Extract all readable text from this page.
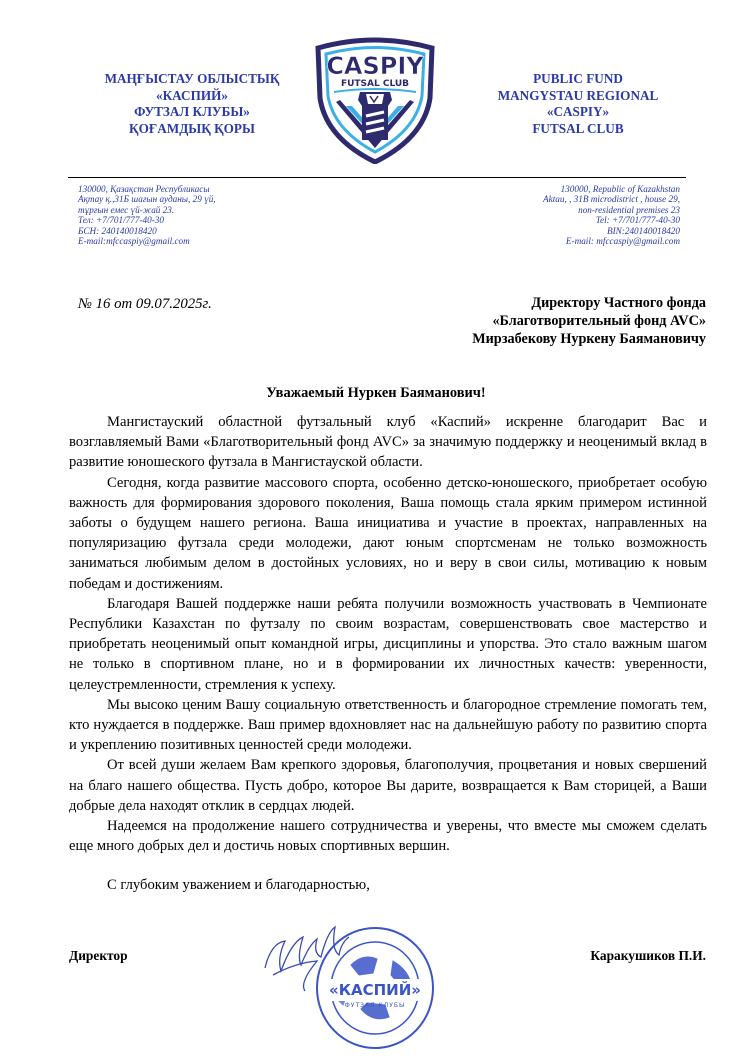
МАҢҒЫСТАУ ОБЛЫСТЫҚ
«КАСПИЙ»
ФУТЗАЛ КЛУБЫ»
ҚОҒАМДЫҚ ҚОРЫ
CASPIY
FUTSAL CLUB	PUBLIC FUND
MANGYSTAU REGIONAL
«CASPIY»
FUTSAL CLUB
130000, Қазақстан Республикасы
Ақтау қ.,31Б шағын ауданы, 29 үй,
тұрғын емес үй-жай 23.
Тел: +7/701/777-40-30
БСН: 240140018420
E-mail:mfccaspiy@gmail.com
130000, Republic of Kazakhstan
Aktau, , 31B microdistrict , house 29,
non-residential premises 23
Tel: +7/701/777-40-30
BIN:240140018420
E-mail: mfccaspiy@gmail.com
№ 16 от 09.07.2025г.	Директору Частного фонда
«Благотворительный фонд AVC»
Мирзабекову Нуркену Баямановичу
Уважаемый Нуркен Баяманович!

Мангистауский областной футзальный клуб «Каспий» искренне благодарит Вас и возглавляемый Вами «Благотворительный фонд AVC» за значимую поддержку и неоценимый вклад в развитие юношеского футзала в Мангистауской области.

Сегодня, когда развитие массового спорта, особенно детско-юношеского, приобретает особую важность для формирования здорового поколения, Ваша помощь стала ярким примером истинной заботы о будущем нашего региона. Ваша инициатива и участие в проектах, направленных на популяризацию футзала среди молодежи, дают юным спортсменам не только возможность заниматься любимым делом в достойных условиях, но и веру в свои силы, мотивацию к новым победам и достижениям.

Благодаря Вашей поддержке наши ребята получили возможность участвовать в Чемпионате Республики Казахстан по футзалу по своим возрастам, совершенствовать свое мастерство и приобретать неоценимый опыт командной игры, дисциплины и упорства. Это стало важным шагом не только в спортивном плане, но и в формировании их личностных качеств: уверенности, целеустремленности, стремления к успеху.

Мы высоко ценим Вашу социальную ответственность и благородное стремление помогать тем, кто нуждается в поддержке. Ваш пример вдохновляет нас на дальнейшую работу по развитию спорта и укреплению позитивных ценностей среди молодежи.

От всей души желаем Вам крепкого здоровья, благополучия, процветания и новых свершений на благо нашего общества. Пусть добро, которое Вы дарите, возвращается к Вам сторицей, а Ваши добрые дела находят отклик в сердцах людей.

Надеемся на продолжение нашего сотрудничества и уверены, что вместе мы сможем сделать еще много добрых дел и достичь новых спортивных вершин.

С глубоким уважением и благодарностью,
Директор
«КАСПИЙ»
ФУТЗАЛ КЛУБЫ
Каракушиков П.И.
